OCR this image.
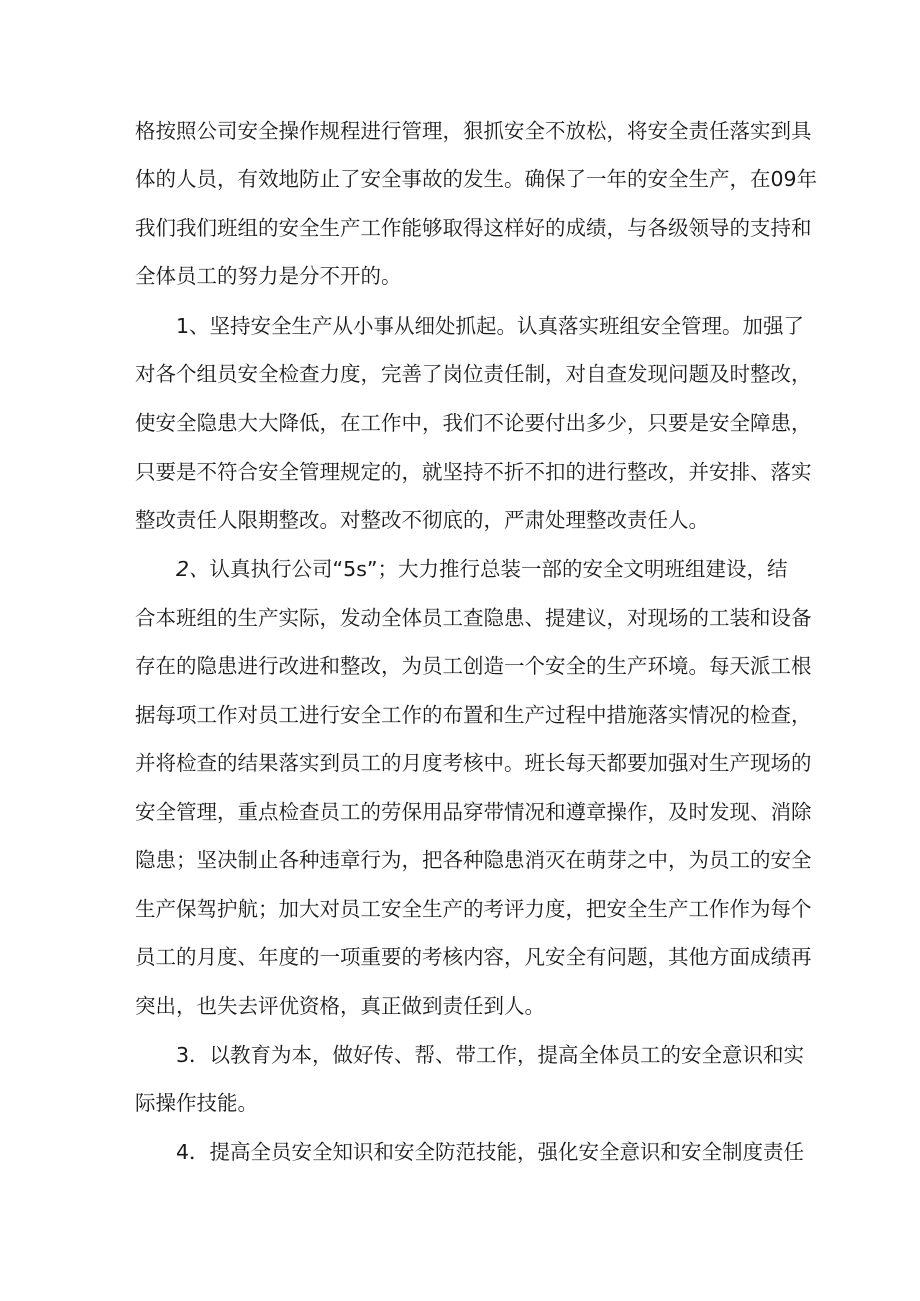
格按照公司安全操作规程进行管理，狠抓安全不放松，将安全责任落实到具
体的人员，有效地防止了安全事故的发生。确保了一年的安全生产，在09年
我们我们班组的安全生产工作能够取得这样好的成绩，与各级领导的支持和
全体员工的努力是分不开的。
1、坚持安全生产从小事从细处抓起。认真落实班组安全管理。加强了
对各个组员安全检查力度，完善了岗位责任制，对自查发现问题及时整改，
使安全隐患大大降低，在工作中，我们不论要付出多少，只要是安全障患，
只要是不符合安全管理规定的，就坚持不折不扣的进行整改，并安排、落实
整改责任人限期整改。对整改不彻底的，严肃处理整改责任人。
2、认真执行公司“5s”；大力推行总装一部的安全文明班组建设，结
合本班组的生产实际，发动全体员工查隐患、提建议，对现场的工装和设备
存在的隐患进行改进和整改，为员工创造一个安全的生产环境。每天派工根
据每项工作对员工进行安全工作的布置和生产过程中措施落实情况的检查，
并将检查的结果落实到员工的月度考核中。班长每天都要加强对生产现场的
安全管理，重点检查员工的劳保用品穿带情况和遵章操作，及时发现、消除
隐患；坚决制止各种违章行为，把各种隐患消灭在萌芽之中，为员工的安全
生产保驾护航；加大对员工安全生产的考评力度，把安全生产工作作为每个
员工的月度、年度的一项重要的考核内容，凡安全有问题，其他方面成绩再
突出，也失去评优资格，真正做到责任到人。
3．以教育为本，做好传、帮、带工作，提高全体员工的安全意识和实
际操作技能。
4．提高全员安全知识和安全防范技能，强化安全意识和安全制度责任
